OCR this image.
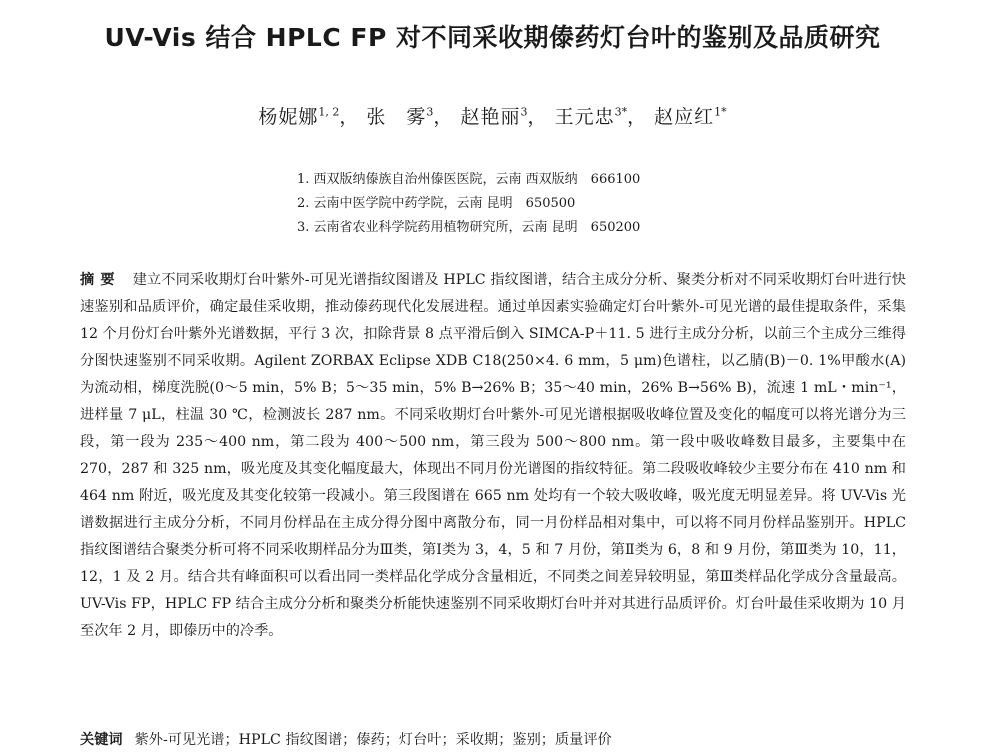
UV-Vis 结合 HPLC FP 对不同采收期傣药灯台叶的鉴别及品质研究
杨妮娜$^{1, 2}$， 张　雾$^3$， 赵艳丽$^3$， 王元忠$^{3*}$， 赵应红$^{1*}$
1. 西双版纳傣族自治州傣医医院，云南 西双版纳　666100
2. 云南中医学院中药学院，云南 昆明　650500
3. 云南省农业科学院药用植物研究所，云南 昆明　650200
摘要 建立不同采收期灯台叶紫外-可见光谱指纹图谱及 HPLC 指纹图谱，结合主成分分析、聚类分析对不同采收期灯台叶进行快速鉴别和品质评价，确定最佳采收期，推动傣药现代化发展进程。通过单因素实验确定灯台叶紫外-可见光谱的最佳提取条件，采集 12 个月份灯台叶紫外光谱数据，平行 3 次，扣除背景 8 点平滑后倒入 SIMCA-P＋11. 5 进行主成分分析，以前三个主成分三维得分图快速鉴别不同采收期。Agilent ZORBAX Eclipse XDB C18(250×4. 6 mm，5 μm)色谱柱，以乙腈(B)－0. 1%甲酸水(A)为流动相，梯度洗脱(0～5 min，5% B；5～35 min，5% B→26% B；35～40 min，26% B→56% B)，流速 1 mL・min⁻¹，进样量 7 μL，柱温 30 ℃，检测波长 287 nm。不同采收期灯台叶紫外-可见光谱根据吸收峰位置及变化的幅度可以将光谱分为三段，第一段为 235～400 nm，第二段为 400～500 nm，第三段为 500～800 nm。第一段中吸收峰数目最多，主要集中在 270，287 和 325 nm，吸光度及其变化幅度最大，体现出不同月份光谱图的指纹特征。第二段吸收峰较少主要分布在 410 nm 和 464 nm 附近，吸光度及其变化较第一段减小。第三段图谱在 665 nm 处均有一个较大吸收峰，吸光度无明显差异。将 UV-Vis 光谱数据进行主成分分析，不同月份样品在主成分得分图中离散分布，同一月份样品相对集中，可以将不同月份样品鉴别开。HPLC 指纹图谱结合聚类分析可将不同采收期样品分为Ⅲ类，第Ⅰ类为 3，4，5 和 7 月份，第Ⅱ类为 6，8 和 9 月份，第Ⅲ类为 10，11，12，1 及 2 月。结合共有峰面积可以看出同一类样品化学成分含量相近，不同类之间差异较明显，第Ⅲ类样品化学成分含量最高。UV-Vis FP，HPLC FP 结合主成分分析和聚类分析能快速鉴别不同采收期灯台叶并对其进行品质评价。灯台叶最佳采收期为 10 月至次年 2 月，即傣历中的冷季。
关键词 紫外-可见光谱；HPLC 指纹图谱；傣药；灯台叶；采收期；鉴别；质量评价
